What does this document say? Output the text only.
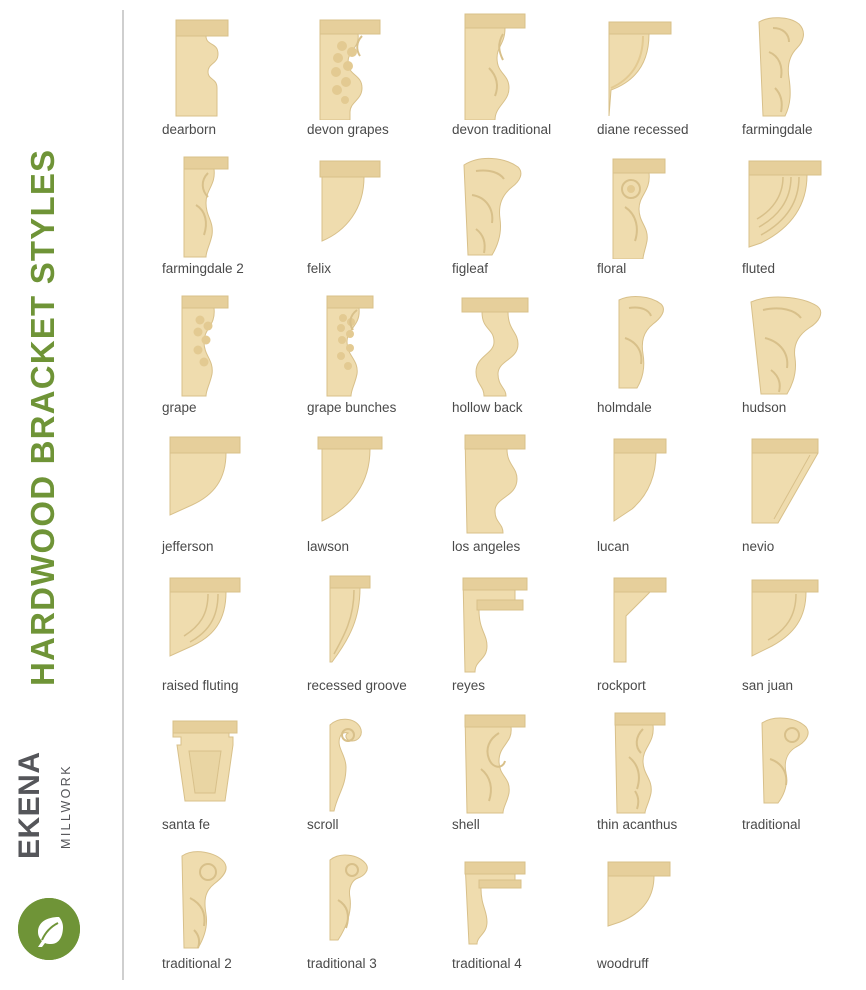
HARDWOOD BRACKET STYLES
EKENA MILLWORK
dearborn	devon grapes	devon traditional	diane recessed	farmingdale
farmingdale 2	felix	figleaf	floral	fluted
grape	grape bunches	hollow back	holmdale	hudson
jefferson	lawson	los angeles	lucan	nevio
raised fluting	recessed groove	reyes	rockport	san juan
santa fe	scroll	shell	thin acanthus	traditional
traditional 2	traditional 3	traditional 4	woodruff
